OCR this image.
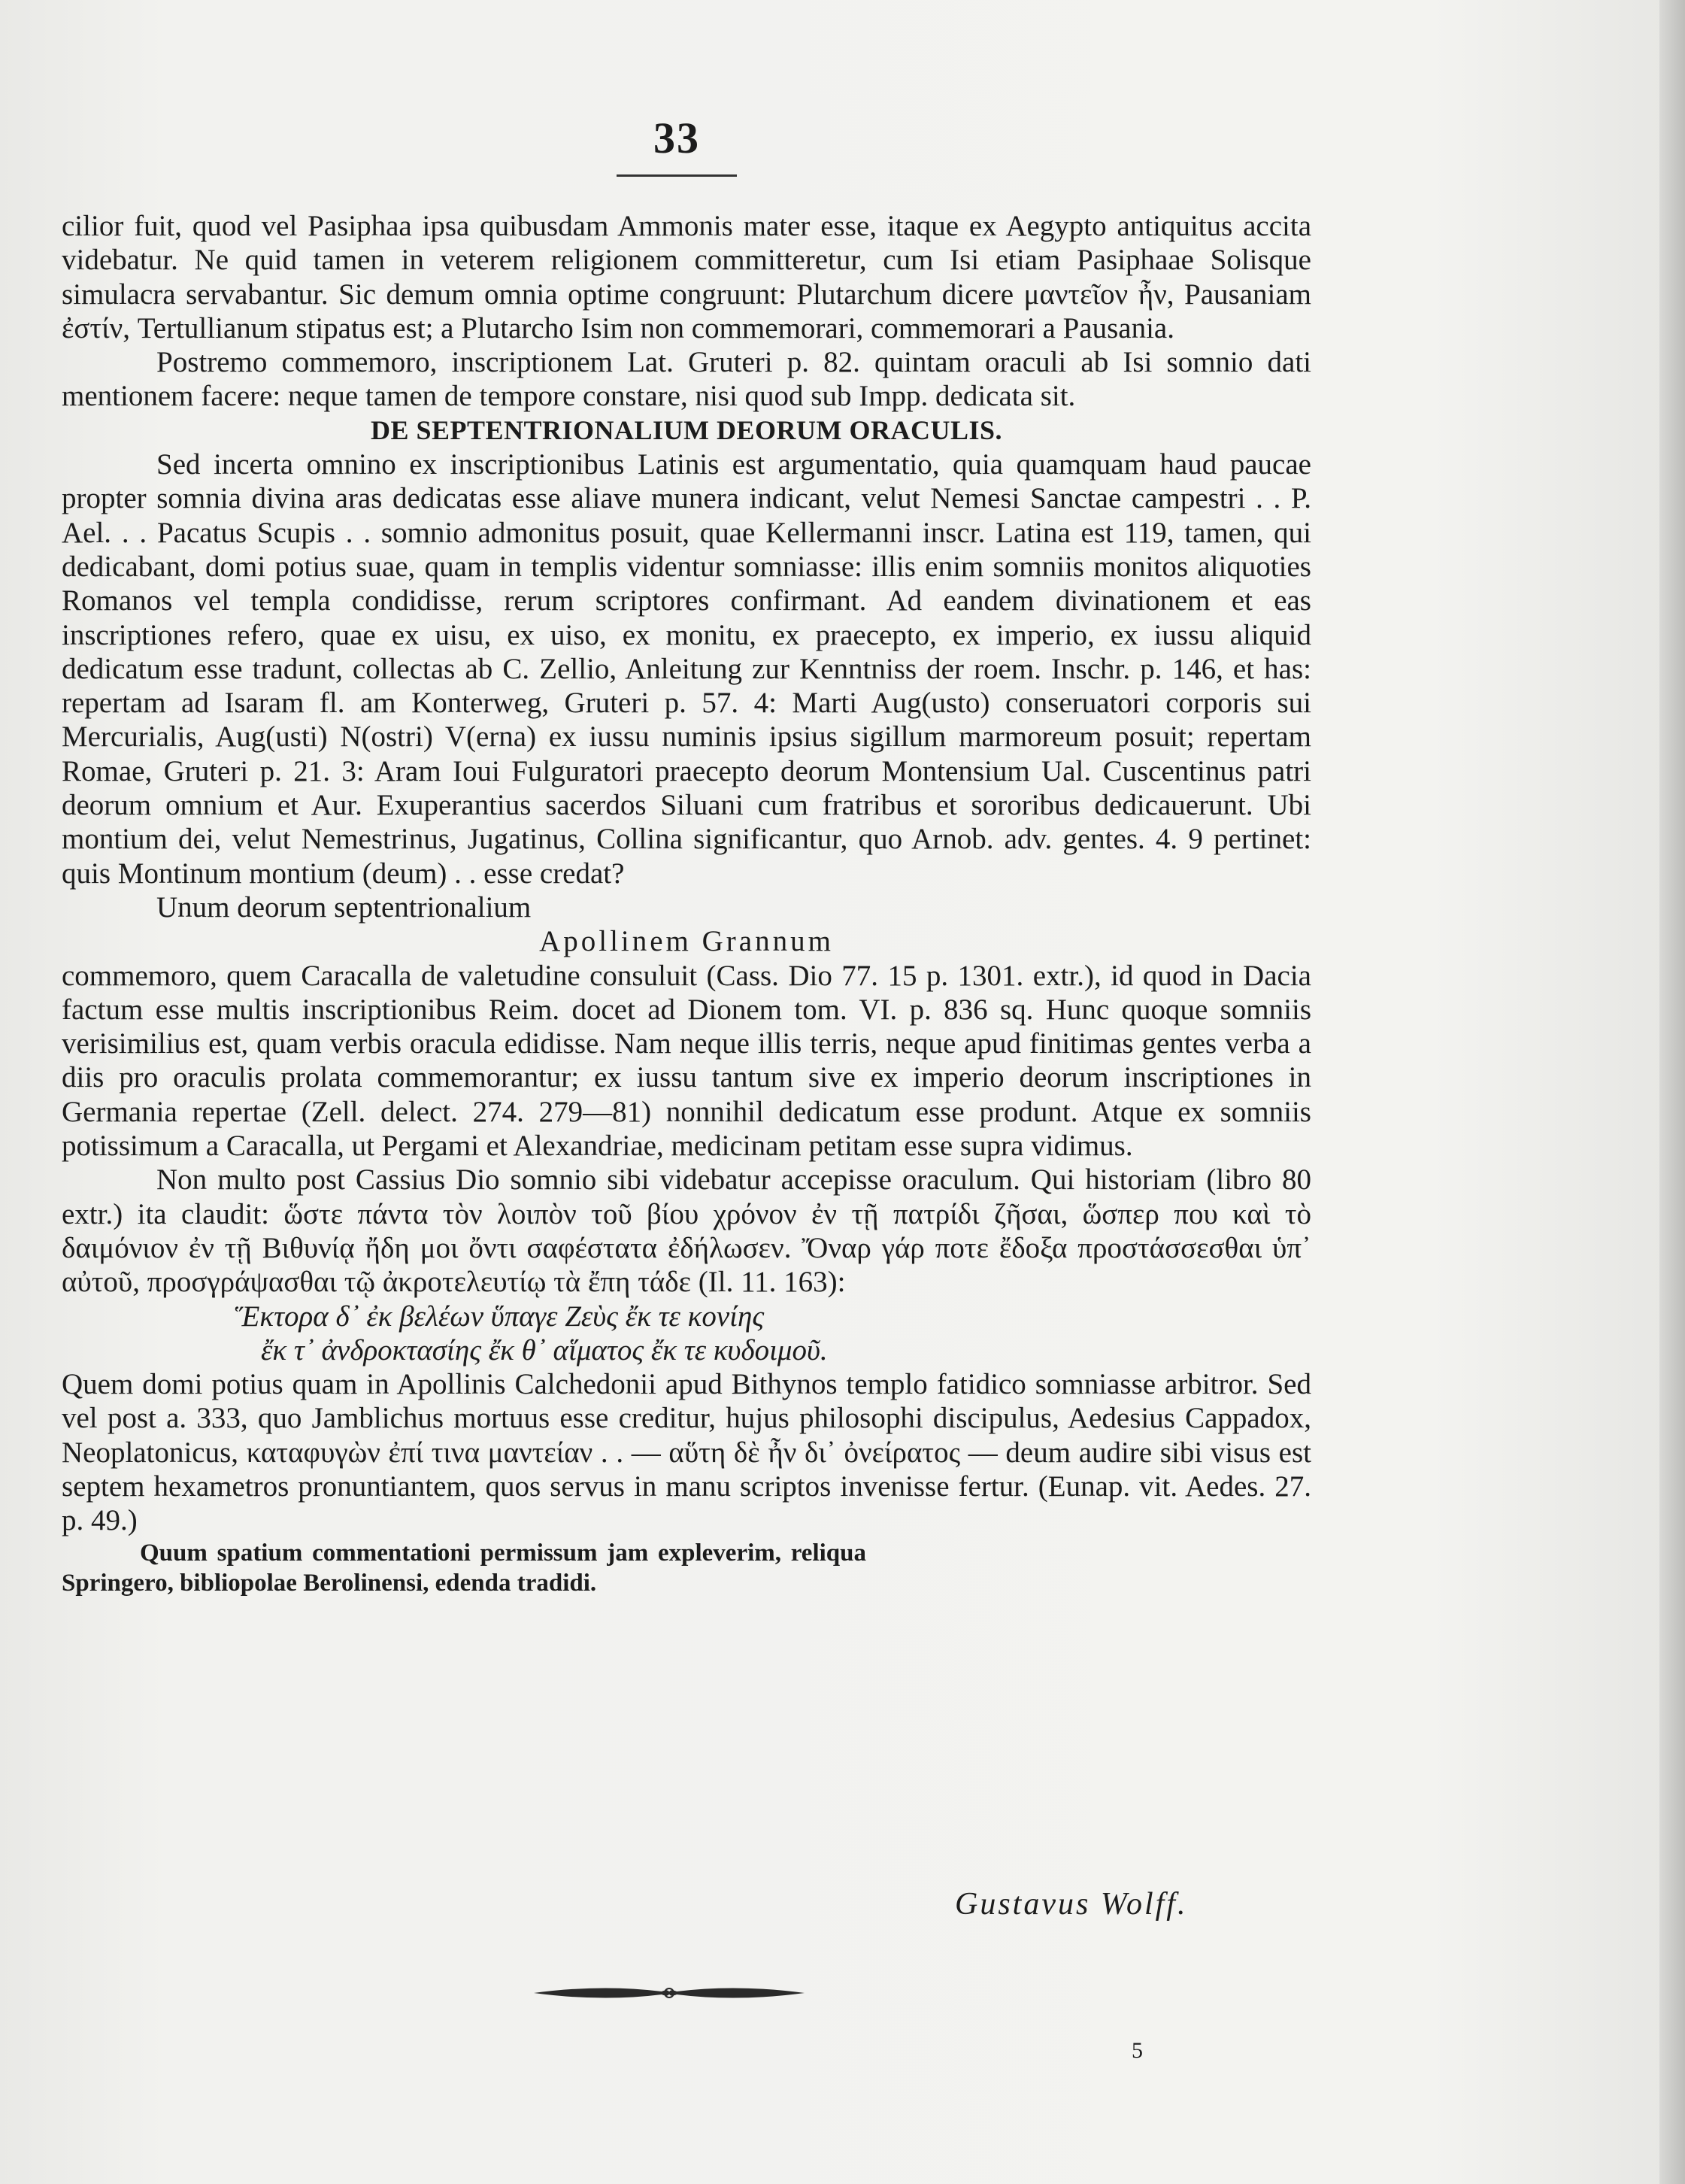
33

cilior fuit, quod vel Pasiphaa ipsa quibusdam Ammonis mater esse, itaque ex Aegypto antiquitus accita videbatur. Ne quid tamen in veterem religionem committeretur, cum Isi etiam Pasiphaae Solisque simulacra servabantur. Sic demum omnia optime congruunt: Plutarchum dicere μαντεῖον ἦν, Pausaniam ἐστίν, Tertullianum stipatus est; a Plutarcho Isim non commemorari, commemorari a Pausania.

Postremo commemoro, inscriptionem Lat. Gruteri p. 82. quintam oraculi ab Isi somnio dati mentionem facere: neque tamen de tempore constare, nisi quod sub Impp. dedicata sit.

DE SEPTENTRIONALIUM DEORUM ORACULIS.

Sed incerta omnino ex inscriptionibus Latinis est argumentatio, quia quamquam haud paucae propter somnia divina aras dedicatas esse aliave munera indicant, velut Nemesi Sanctae campestri . . P. Ael. . . Pacatus Scupis . . somnio admonitus posuit, quae Kellermanni inscr. Latina est 119, tamen, qui dedicabant, domi potius suae, quam in templis videntur somniasse: illis enim somniis monitos aliquoties Romanos vel templa condidisse, rerum scriptores confirmant. Ad eandem divinationem et eas inscriptiones refero, quae ex uisu, ex uiso, ex monitu, ex praecepto, ex imperio, ex iussu aliquid dedicatum esse tradunt, collectas ab C. Zellio, Anleitung zur Kenntniss der roem. Inschr. p. 146, et has: repertam ad Isaram fl. am Konterweg, Gruteri p. 57. 4: Marti Aug(usto) conseruatori corporis sui Mercurialis, Aug(usti) N(ostri) V(erna) ex iussu numinis ipsius sigillum marmoreum posuit; repertam Romae, Gruteri p. 21. 3: Aram Ioui Fulguratori praecepto deorum Montensium Ual. Cuscentinus patri deorum omnium et Aur. Exuperantius sacerdos Siluani cum fratribus et sororibus dedicauerunt. Ubi montium dei, velut Nemestrinus, Jugatinus, Collina significantur, quo Arnob. adv. gentes. 4. 9 pertinet: quis Montinum montium (deum) . . esse credat?

Unum deorum septentrionalium

Apollinem Grannum

commemoro, quem Caracalla de valetudine consuluit (Cass. Dio 77. 15 p. 1301. extr.), id quod in Dacia factum esse multis inscriptionibus Reim. docet ad Dionem tom. VI. p. 836 sq. Hunc quoque somniis verisimilius est, quam verbis oracula edidisse. Nam neque illis terris, neque apud finitimas gentes verba a diis pro oraculis prolata commemorantur; ex iussu tantum sive ex imperio deorum inscriptiones in Germania repertae (Zell. delect. 274. 279—81) nonnihil dedicatum esse produnt. Atque ex somniis potissimum a Caracalla, ut Pergami et Alexandriae, medicinam petitam esse supra vidimus.

Non multo post Cassius Dio somnio sibi videbatur accepisse oraculum. Qui historiam (libro 80 extr.) ita claudit: ὥστε πάντα τὸν λοιπὸν τοῦ βίου χρόνον ἐν τῇ πατρίδι ζῆσαι, ὥσπερ που καὶ τὸ δαιμόνιον ἐν τῇ Βιθυνίᾳ ἤδη μοι ὄντι σαφέστατα ἐδήλωσεν. Ὄναρ γάρ ποτε ἔδοξα προστάσσεσθαι ὑπ᾽ αὐτοῦ, προσγράψασθαι τῷ ἀκροτελευτίῳ τὰ ἔπη τάδε (Il. 11. 163):

Ἕκτορα δ᾽ ἐκ βελέων ὕπαγε Ζεὺς ἔκ τε κονίης

ἔκ τ᾽ ἀνδροκτασίης ἔκ θ᾽ αἵματος ἔκ τε κυδοιμοῦ.

Quem domi potius quam in Apollinis Calchedonii apud Bithynos templo fatidico somniasse arbitror. Sed vel post a. 333, quo Jamblichus mortuus esse creditur, hujus philosophi discipulus, Aedesius Cappadox, Neoplatonicus, καταφυγὼν ἐπί τινα μαντείαν . . — αὕτη δὲ ἦν δι᾽ ὀνείρατος — deum audire sibi visus est septem hexametros pronuntiantem, quos servus in manu scriptos invenisse fertur. (Eunap. vit. Aedes. 27. p. 49.)

Quum spatium commentationi permissum jam expleverim, reliqua Springero, bibliopolae Berolinensi, edenda tradidi.

Gustavus Wolff.
5
